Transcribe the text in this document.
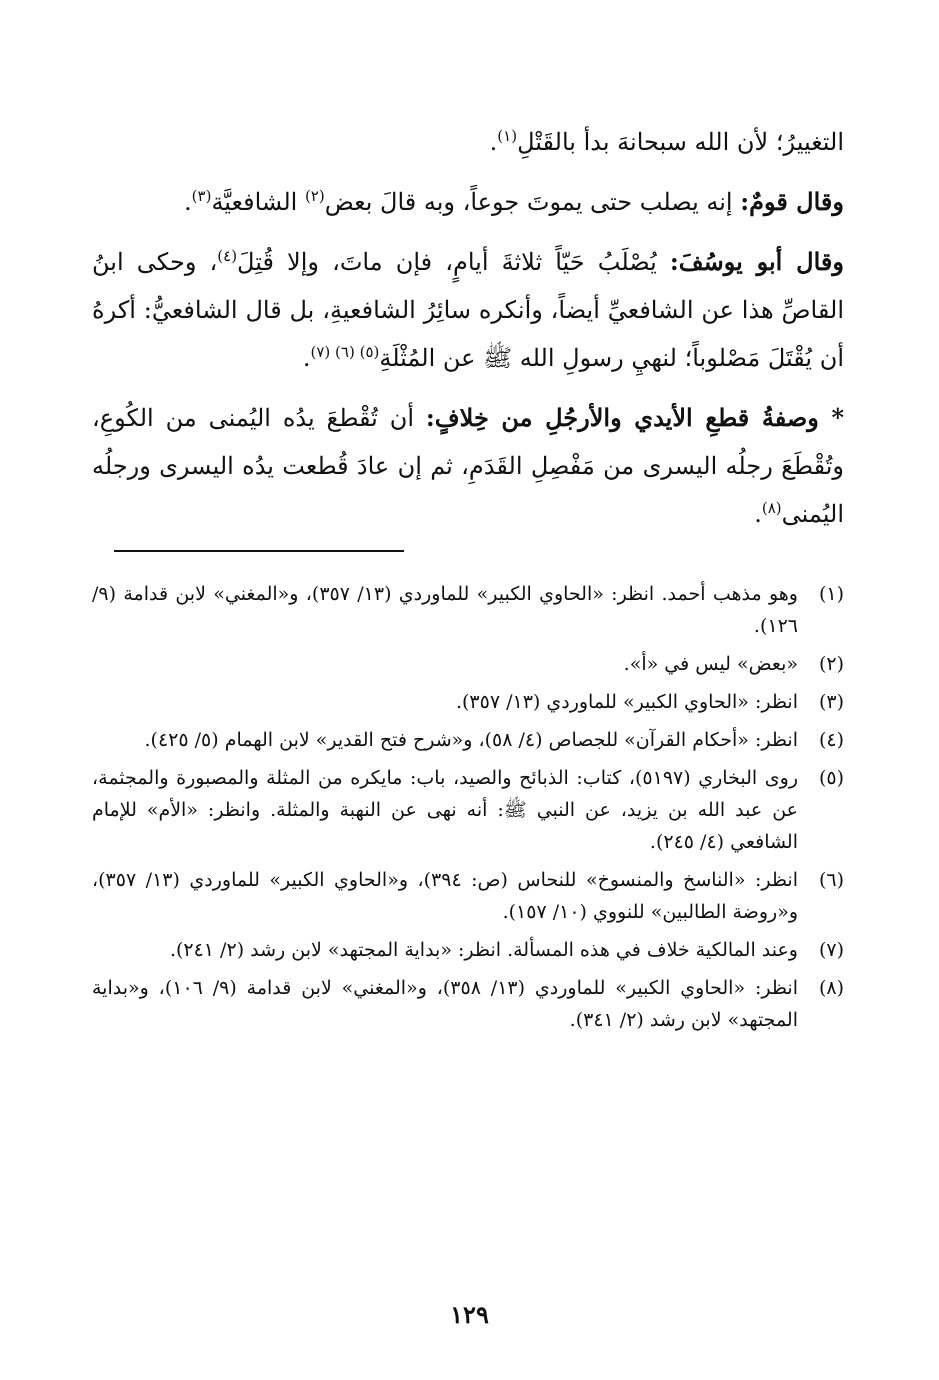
التغييرُ؛ لأن الله سبحانهَ بدأ بالقَتْلِ$^{(١)}$.

وقال قومٌ: إنه يصلب حتى يموتَ جوعاً، وبه قالَ بعض$^{(٢)}$ الشافعيَّة$^{(٣)}$.

وقال أبو يوسُفَ: يُصْلَبُ حَيّاً ثلاثةَ أيامٍ، فإن ماتَ، وإلا قُتِلَ$^{(٤)}$، وحكى ابنُ القاصِّ هذا عن الشافعيِّ أيضاً، وأنكره سائِرُ الشافعيةِ، بل قال الشافعيُّ: أكرهُ أن يُقْتَلَ مَصْلوباً؛ لنهيِ رسولِ الله ﷺ عن المُثْلَةِ$^{(٥) (٦) (٧)}$.

* وصفةُ قطعِ الأيدي والأرجُلِ من خِلافٍ: أن تُقْطعَ يدُه اليُمنى من الكُوعِ، وتُقْطَعَ رجلُه اليسرى من مَفْصِلِ القَدَمِ، ثم إن عادَ قُطعت يدُه اليسرى ورجلُه اليُمنى$^{(٨)}$.

(١)
وهو مذهب أحمد. انظر: «الحاوي الكبير» للماوردي (١٣/ ٣٥٧)، و«المغني» لابن قدامة (٩/ ١٢٦).
(٢)
«بعض» ليس في «أ».
(٣)
انظر: «الحاوي الكبير» للماوردي (١٣/ ٣٥٧).
(٤)
انظر: «أحكام القرآن» للجصاص (٤/ ٥٨)، و«شرح فتح القدير» لابن الهمام (٥/ ٤٢٥).
(٥)
روى البخاري (٥١٩٧)، كتاب: الذبائح والصيد، باب: مايكره من المثلة والمصبورة والمجثمة، عن عبد الله بن يزيد، عن النبي ﷺ: أنه نهى عن النهبة والمثلة. وانظر: «الأم» للإمام الشافعي (٤/ ٢٤٥).
(٦)
انظر: «الناسخ والمنسوخ» للنحاس (ص: ٣٩٤)، و«الحاوي الكبير» للماوردي (١٣/ ٣٥٧)، و«روضة الطالبين» للنووي (١٠/ ١٥٧).
(٧)
وعند المالكية خلاف في هذه المسألة. انظر: «بداية المجتهد» لابن رشد (٢/ ٢٤١).
(٨)
انظر: «الحاوي الكبير» للماوردي (١٣/ ٣٥٨)، و«المغني» لابن قدامة (٩/ ١٠٦)، و«بداية المجتهد» لابن رشد (٢/ ٣٤١).
١٢٩
